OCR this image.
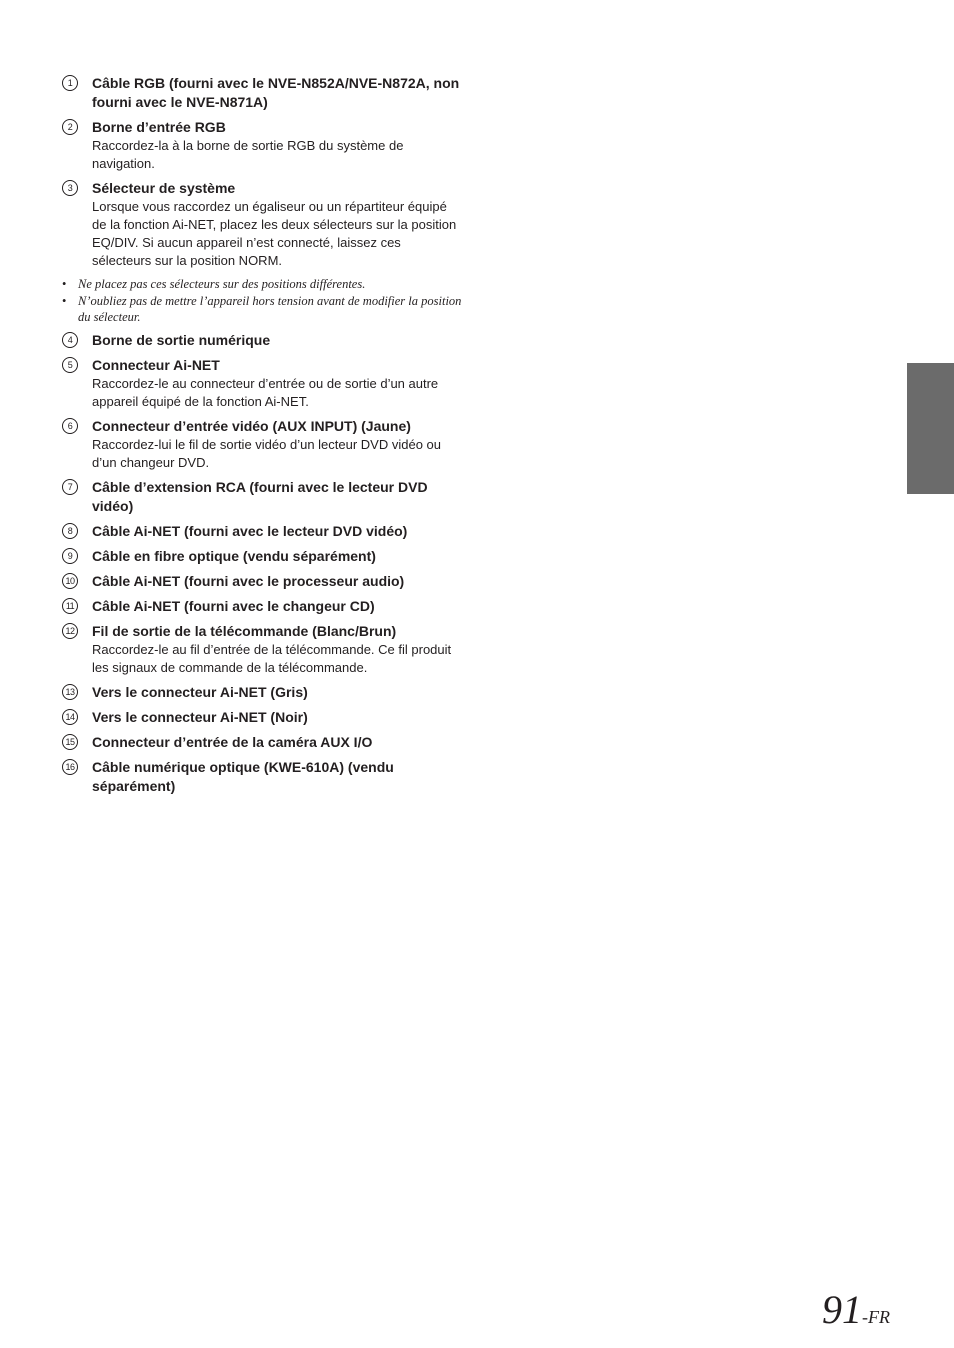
1	Câble RGB (fourni avec le NVE-N852A/NVE-N872A, non fourni avec le NVE-N871A)
2	Borne d’entrée RGB
Raccordez-la à la borne de sortie RGB du système de navigation.
3	Sélecteur de système
Lorsque vous raccordez un égaliseur ou un répartiteur équipé de la fonction Ai-NET, placez les deux sélecteurs sur la position EQ/DIV. Si aucun appareil n’est connecté, laissez ces sélecteurs sur la position NORM.
• Ne placez pas ces sélecteurs sur des positions différentes.
• N’oubliez pas de mettre l’appareil hors tension avant de modifier la position du sélecteur.
4	Borne de sortie numérique
5	Connecteur Ai-NET
Raccordez-le au connecteur d’entrée ou de sortie d’un autre appareil équipé de la fonction Ai-NET.
6	Connecteur d’entrée vidéo (AUX INPUT) (Jaune)
Raccordez-lui le fil de sortie vidéo d’un lecteur DVD vidéo ou d’un changeur DVD.
7	Câble d’extension RCA (fourni avec le lecteur DVD vidéo)
8	Câble Ai-NET (fourni avec le lecteur DVD vidéo)
9	Câble en fibre optique (vendu séparément)
10 Câble Ai-NET (fourni avec le processeur audio)
11 Câble Ai-NET (fourni avec le changeur CD)
12 Fil de sortie de la télécommande (Blanc/Brun)
Raccordez-le au fil d’entrée de la télécommande. Ce fil produit les signaux de commande de la télécommande.
13 Vers le connecteur Ai-NET (Gris)
14 Vers le connecteur Ai-NET (Noir)
15 Connecteur d’entrée de la caméra AUX I/O
16 Câble numérique optique (KWE-610A) (vendu séparément)
91-FR
